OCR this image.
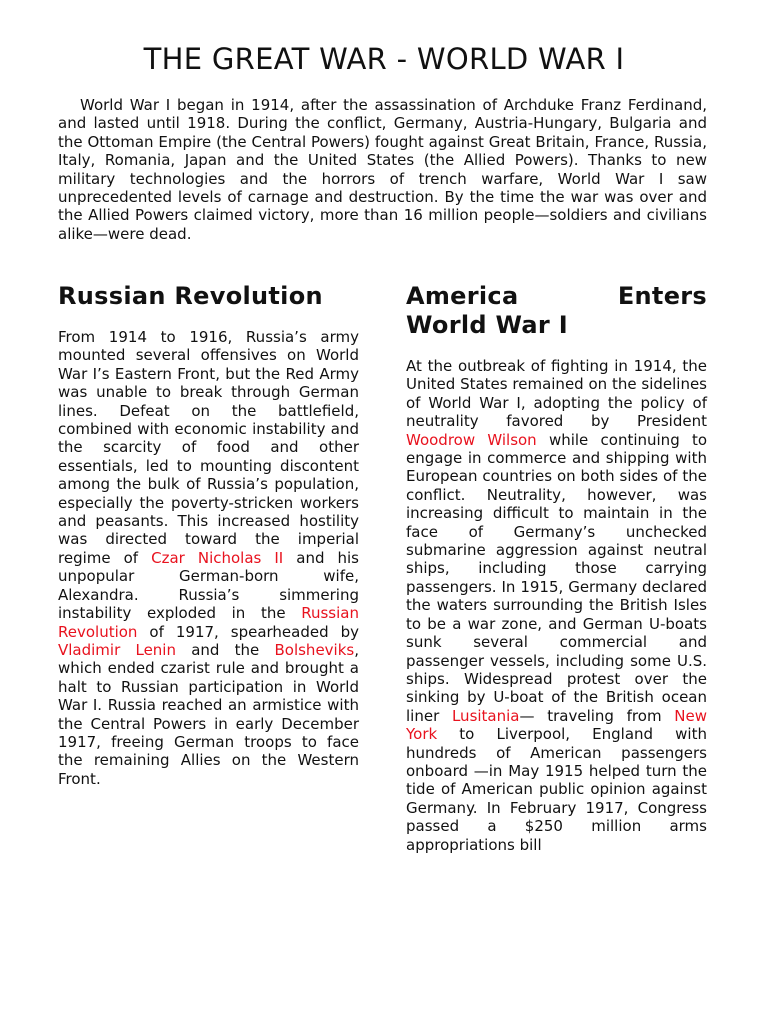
THE GREAT WAR - WORLD WAR I

World War I began in 1914, after the assassination of Archduke Franz Ferdinand, and lasted until 1918. During the conflict, Germany, Austria-Hungary, Bulgaria and the Ottoman Empire (the Central Powers) fought against Great Britain, France, Russia, Italy, Romania, Japan and the United States (the Allied Powers). Thanks to new military technologies and the horrors of trench warfare, World War I saw unprecedented levels of carnage and destruction. By the time the war was over and the Allied Powers claimed victory, more than 16 million people—soldiers and civilians alike—were dead.

Russian Revolution

From 1914 to 1916, Russia’s army mounted several offensives on World War I’s Eastern Front, but the Red Army was unable to break through German lines. Defeat on the battlefield, combined with economic instability and the scarcity of food and other essentials, led to mounting discontent among the bulk of Russia’s population, especially the poverty-stricken workers and peasants. This increased hostility was directed toward the imperial regime of Czar Nicholas II and his unpopular German-born wife, Alexandra. Russia’s simmering instability exploded in the Russian Revolution of 1917, spearheaded by Vladimir Lenin and the Bolsheviks, which ended czarist rule and brought a halt to Russian participation in World War I. Russia reached an armistice with the Central Powers in early December 1917, freeing German troops to face the remaining Allies on the Western Front.

America	Enters
World War I

At the outbreak of fighting in 1914, the United States remained on the sidelines of World War I, adopting the policy of neutrality favored by President Woodrow Wilson while continuing to engage in commerce and shipping with European countries on both sides of the conflict. Neutrality, however, was increasing difficult to maintain in the face of Germany’s unchecked submarine aggression against neutral ships, including those carrying passengers. In 1915, Germany declared the waters surrounding the British Isles to be a war zone, and German U-boats sunk several commercial and passenger vessels, including some U.S. ships. Widespread protest over the sinking by U-boat of the British ocean liner Lusitania— traveling from New York to Liverpool, England with hundreds of American passengers onboard —in May 1915 helped turn the tide of American public opinion against Germany. In February 1917, Congress passed a $250 million arms appropriations bill
